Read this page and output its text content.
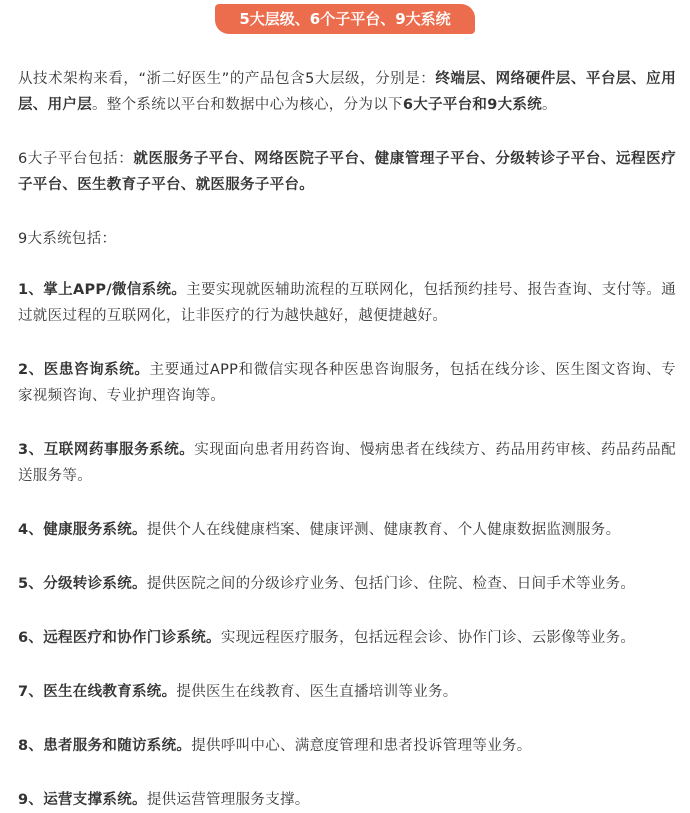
5大层级、6个子平台、9大系统

从技术架构来看，“浙二好医生”的产品包含5大层级，分别是：终端层、网络硬件层、平台层、应用层、用户层。整个系统以平台和数据中心为核心，分为以下6大子平台和9大系统。

6大子平台包括：就医服务子平台、网络医院子平台、健康管理子平台、分级转诊子平台、远程医疗子平台、医生教育子平台、就医服务子平台。

9大系统包括：

1、掌上APP/微信系统。主要实现就医辅助流程的互联网化，包括预约挂号、报告查询、支付等。通过就医过程的互联网化，让非医疗的行为越快越好，越便捷越好。

2、医患咨询系统。主要通过APP和微信实现各种医患咨询服务，包括在线分诊、医生图文咨询、专家视频咨询、专业护理咨询等。

3、互联网药事服务系统。实现面向患者用药咨询、慢病患者在线续方、药品用药审核、药品药品配送服务等。

4、健康服务系统。提供个人在线健康档案、健康评测、健康教育、个人健康数据监测服务。

5、分级转诊系统。提供医院之间的分级诊疗业务、包括门诊、住院、检查、日间手术等业务。

6、远程医疗和协作门诊系统。实现远程医疗服务，包括远程会诊、协作门诊、云影像等业务。

7、医生在线教育系统。提供医生在线教育、医生直播培训等业务。

8、患者服务和随访系统。提供呼叫中心、满意度管理和患者投诉管理等业务。

9、运营支撑系统。提供运营管理服务支撑。
